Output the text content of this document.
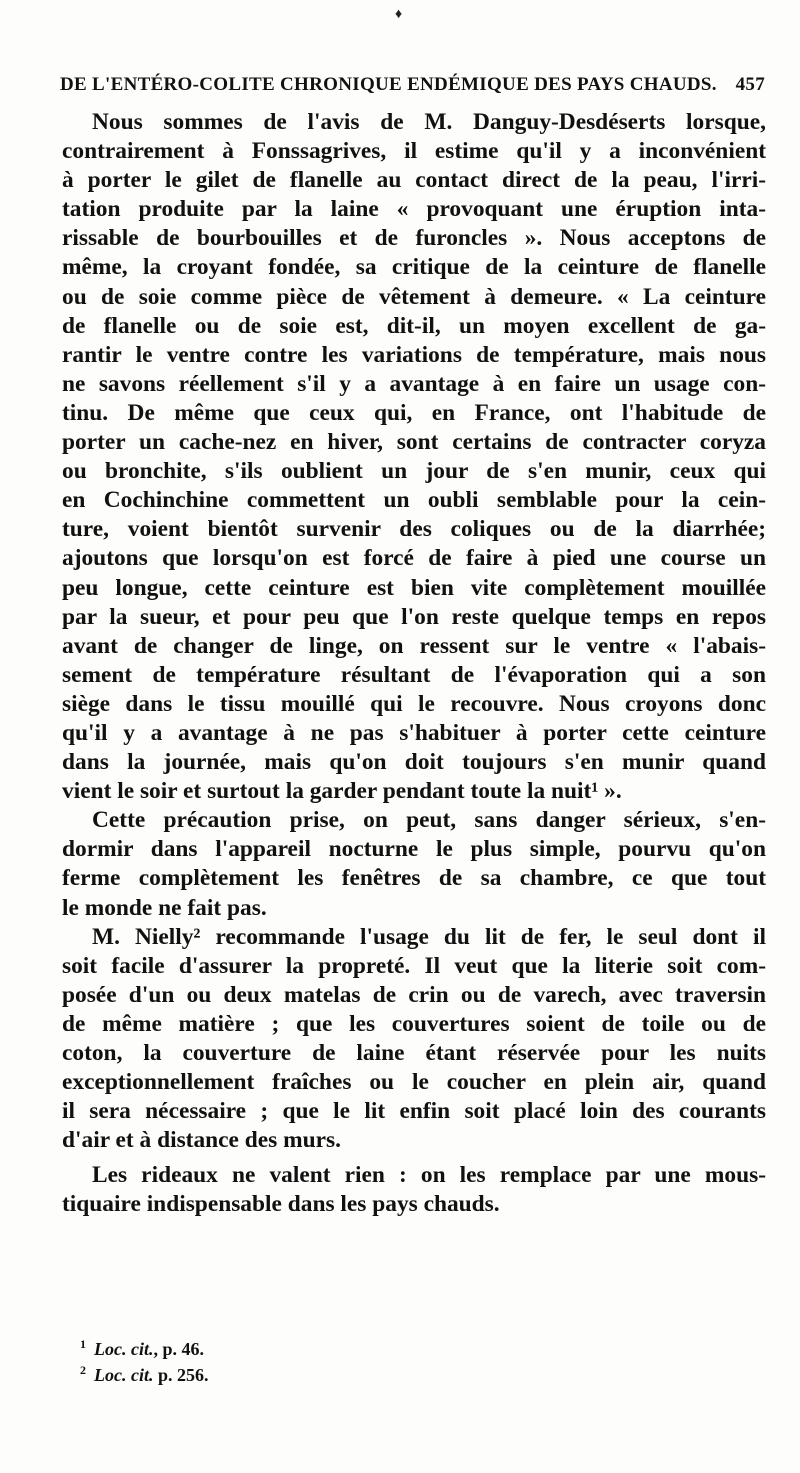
♦
DE L'ENTÉRO-COLITE CHRONIQUE ENDÉMIQUE DES PAYS CHAUDS. 457
Nous sommes de l'avis de M. Danguy-Desdéserts lorsque,
contrairement à Fonssagrives, il estime qu'il y a inconvénient
à porter le gilet de flanelle au contact direct de la peau, l'irri-
tation produite par la laine « provoquant une éruption inta-
rissable de bourbouilles et de furoncles ». Nous acceptons de
même, la croyant fondée, sa critique de la ceinture de flanelle
ou de soie comme pièce de vêtement à demeure. « La ceinture
de flanelle ou de soie est, dit-il, un moyen excellent de ga-
rantir le ventre contre les variations de température, mais nous
ne savons réellement s'il y a avantage à en faire un usage con-
tinu. De même que ceux qui, en France, ont l'habitude de
porter un cache-nez en hiver, sont certains de contracter coryza
ou bronchite, s'ils oublient un jour de s'en munir, ceux qui
en Cochinchine commettent un oubli semblable pour la cein-
ture, voient bientôt survenir des coliques ou de la diarrhée;
ajoutons que lorsqu'on est forcé de faire à pied une course un
peu longue, cette ceinture est bien vite complètement mouillée
par la sueur, et pour peu que l'on reste quelque temps en repos
avant de changer de linge, on ressent sur le ventre « l'abais-
sement de température résultant de l'évaporation qui a son
siège dans le tissu mouillé qui le recouvre. Nous croyons donc
qu'il y a avantage à ne pas s'habituer à porter cette ceinture
dans la journée, mais qu'on doit toujours s'en munir quand
vient le soir et surtout la garder pendant toute la nuit¹ ».
Cette précaution prise, on peut, sans danger sérieux, s'en-
dormir dans l'appareil nocturne le plus simple, pourvu qu'on
ferme complètement les fenêtres de sa chambre, ce que tout
le monde ne fait pas.
M. Nielly² recommande l'usage du lit de fer, le seul dont il
soit facile d'assurer la propreté. Il veut que la literie soit com-
posée d'un ou deux matelas de crin ou de varech, avec traversin
de même matière ; que les couvertures soient de toile ou de
coton, la couverture de laine étant réservée pour les nuits
exceptionnellement fraîches ou le coucher en plein air, quand
il sera nécessaire ; que le lit enfin soit placé loin des courants
d'air et à distance des murs.
Les rideaux ne valent rien : on les remplace par une mous-
tiquaire indispensable dans les pays chauds.
$^1$ Loc. cit., p. 46.
$^2$ Loc. cit. p. 256.
